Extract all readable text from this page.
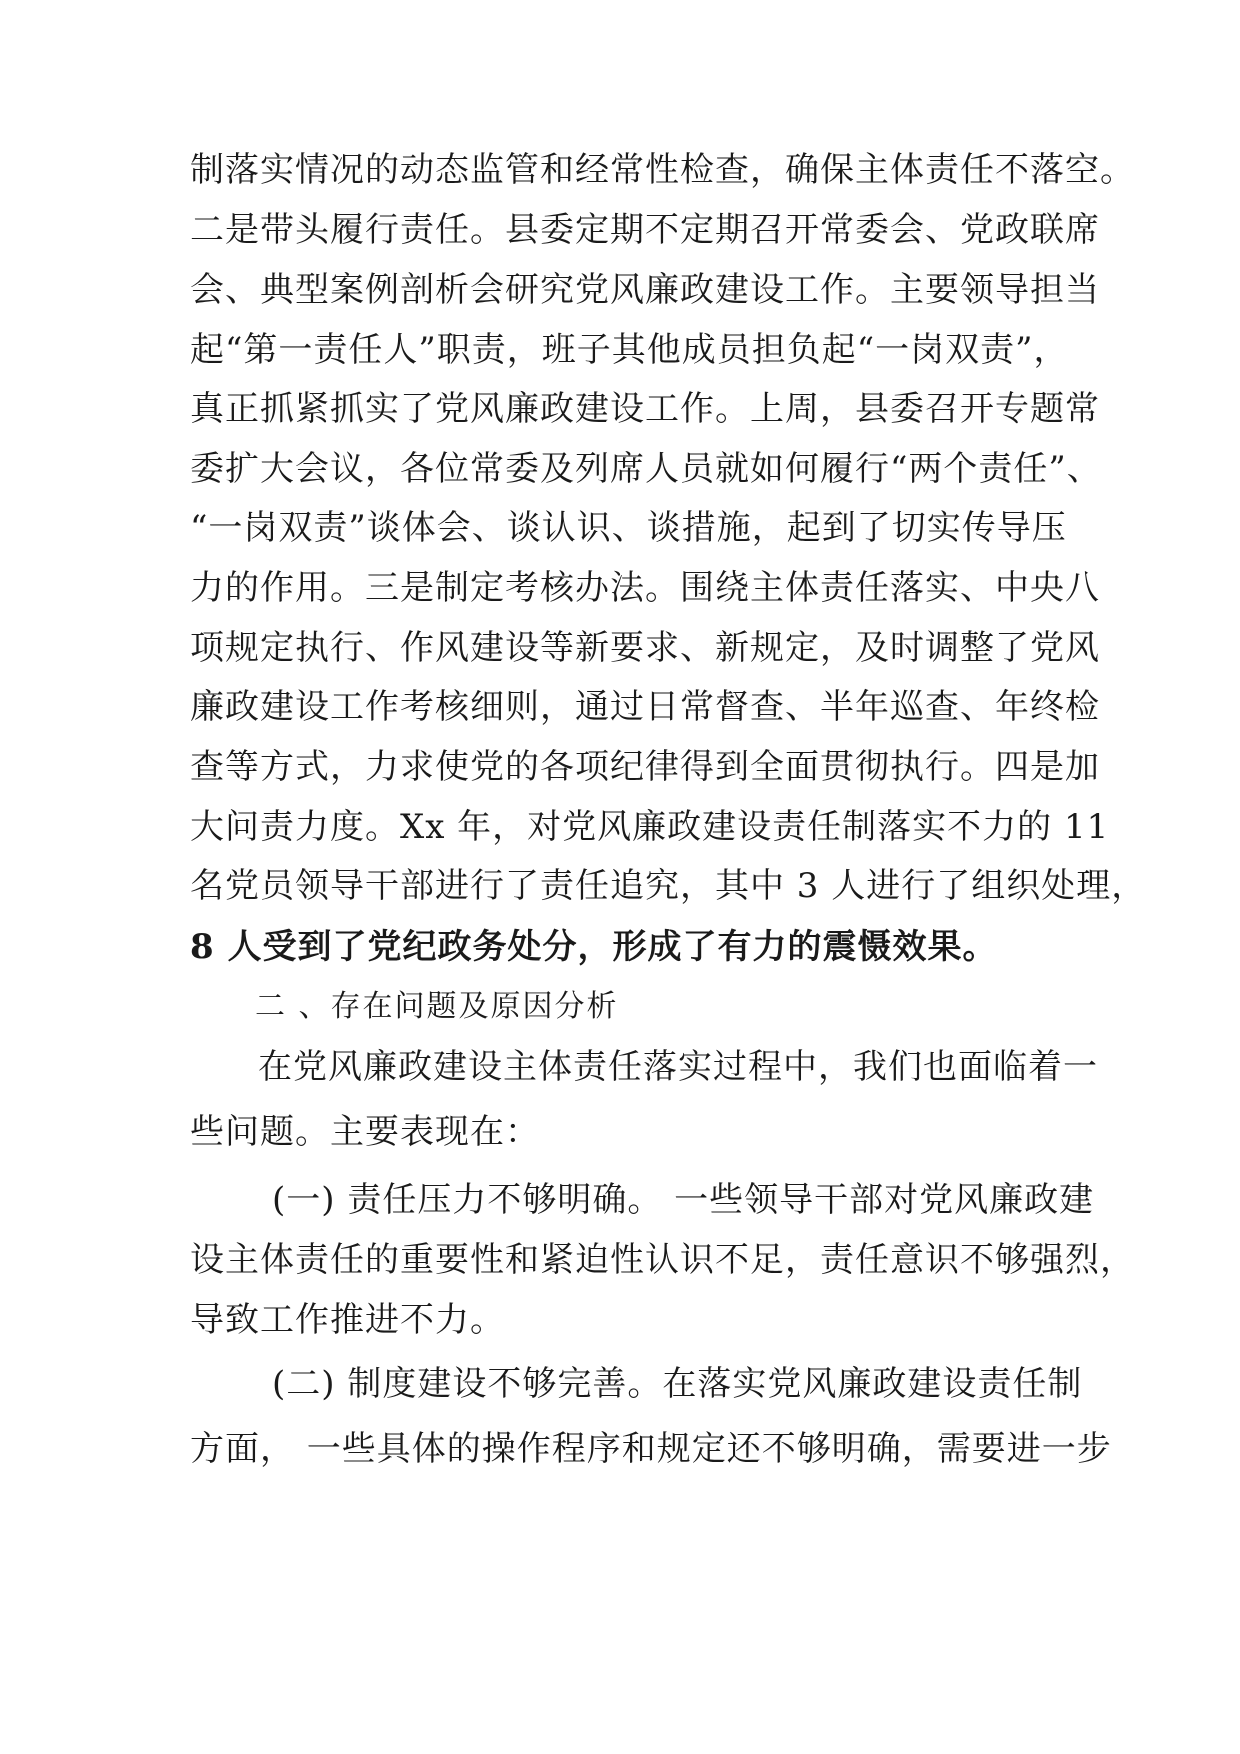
制落实情况的动态监管和经常性检查，确保主体责任不落空。
二是带头履行责任。县委定期不定期召开常委会、党政联席
会、典型案例剖析会研究党风廉政建设工作。主要领导担当
起“第一责任人”职责，班子其他成员担负起“一岗双责”，
真正抓紧抓实了党风廉政建设工作。上周，县委召开专题常
委扩大会议，各位常委及列席人员就如何履行“两个责任”、
“一岗双责”谈体会、谈认识、谈措施，起到了切实传导压
力的作用。三是制定考核办法。围绕主体责任落实、中央八
项规定执行、作风建设等新要求、新规定，及时调整了党风
廉政建设工作考核细则，通过日常督查、半年巡查、年终检
查等方式，力求使党的各项纪律得到全面贯彻执行。四是加
大问责力度。Xx 年，对党风廉政建设责任制落实不力的 11
名党员领导干部进行了责任追究，其中 3 人进行了组织处理，
8 人受到了党纪政务处分，形成了有力的震慑效果。
二 、存在问题及原因分析
在党风廉政建设主体责任落实过程中，我们也面临着一
些问题。主要表现在：
(一) 责任压力不够明确。 一些领导干部对党风廉政建
设主体责任的重要性和紧迫性认识不足，责任意识不够强烈，
导致工作推进不力。
(二) 制度建设不够完善。在落实党风廉政建设责任制
方面， 一些具体的操作程序和规定还不够明确，需要进一步
